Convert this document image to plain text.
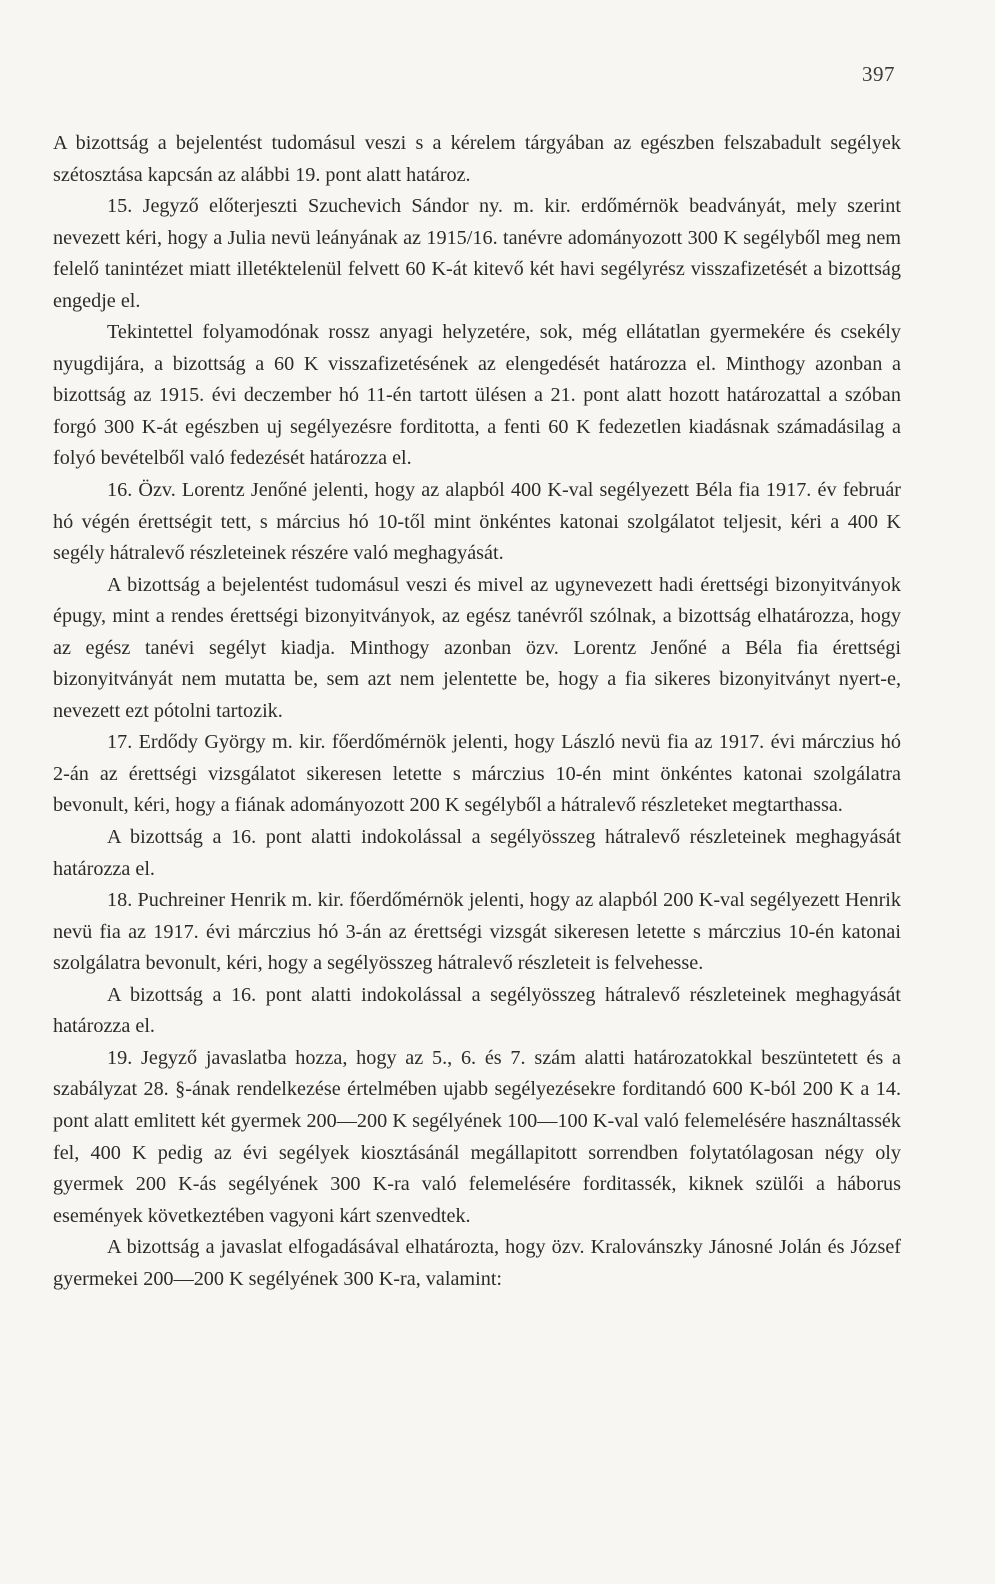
397

A bizottság a bejelentést tudomásul veszi s a kérelem tárgyában az egészben felszabadult segélyek szétosztása kapcsán az alábbi 19. pont alatt határoz.

15. Jegyző előterjeszti Szuchevich Sándor ny. m. kir. erdőmérnök beadványát, mely szerint nevezett kéri, hogy a Julia nevü leányának az 1915/16. tanévre adományozott 300 K segélyből meg nem felelő tanintézet miatt illetéktelenül felvett 60 K-át kitevő két havi segélyrész visszafizetését a bizottság engedje el.

Tekintettel folyamodónak rossz anyagi helyzetére, sok, még ellátatlan gyermekére és csekély nyugdijára, a bizottság a 60 K visszafizetésének az elengedését határozza el. Minthogy azonban a bizottság az 1915. évi deczember hó 11-én tartott ülésen a 21. pont alatt hozott határozattal a szóban forgó 300 K-át egészben uj segélyezésre forditotta, a fenti 60 K fedezetlen kiadásnak számadásilag a folyó bevételből való fedezését határozza el.

16. Özv. Lorentz Jenőné jelenti, hogy az alapból 400 K-val segélyezett Béla fia 1917. év február hó végén érettségit tett, s március hó 10-től mint önkéntes katonai szolgálatot teljesit, kéri a 400 K segély hátralevő részleteinek részére való meghagyását.

A bizottság a bejelentést tudomásul veszi és mivel az ugynevezett hadi érettségi bizonyitványok épugy, mint a rendes érettségi bizonyitványok, az egész tanévről szólnak, a bizottság elhatározza, hogy az egész tanévi segélyt kiadja. Minthogy azonban özv. Lorentz Jenőné a Béla fia érettségi bizonyitványát nem mutatta be, sem azt nem jelentette be, hogy a fia sikeres bizonyitványt nyert-e, nevezett ezt pótolni tartozik.

17. Erdődy György m. kir. főerdőmérnök jelenti, hogy László nevü fia az 1917. évi márczius hó 2-án az érettségi vizsgálatot sikeresen letette s márczius 10-én mint önkéntes katonai szolgálatra bevonult, kéri, hogy a fiának adományozott 200 K segélyből a hátralevő részleteket megtarthassa.

A bizottság a 16. pont alatti indokolással a segélyösszeg hátralevő részleteinek meghagyását határozza el.

18. Puchreiner Henrik m. kir. főerdőmérnök jelenti, hogy az alapból 200 K-val segélyezett Henrik nevü fia az 1917. évi márczius hó 3-án az érettségi vizsgát sikeresen letette s márczius 10-én katonai szolgálatra bevonult, kéri, hogy a segélyösszeg hátralevő részleteit is felvehesse.

A bizottság a 16. pont alatti indokolással a segélyösszeg hátralevő részleteinek meghagyását határozza el.

19. Jegyző javaslatba hozza, hogy az 5., 6. és 7. szám alatti határozatokkal beszüntetett és a szabályzat 28. §-ának rendelkezése értelmében ujabb segélyezésekre forditandó 600 K-ból 200 K a 14. pont alatt emlitett két gyermek 200—200 K segélyének 100—100 K-val való felemelésére használtassék fel, 400 K pedig az évi segélyek kiosztásánál megállapitott sorrendben folytatólagosan négy oly gyermek 200 K-ás segélyének 300 K-ra való felemelésére forditassék, kiknek szülői a háborus események következtében vagyoni kárt szenvedtek.

A bizottság a javaslat elfogadásával elhatározta, hogy özv. Kralovánszky Jánosné Jolán és József gyermekei 200—200 K segélyének 300 K-ra, valamint:
